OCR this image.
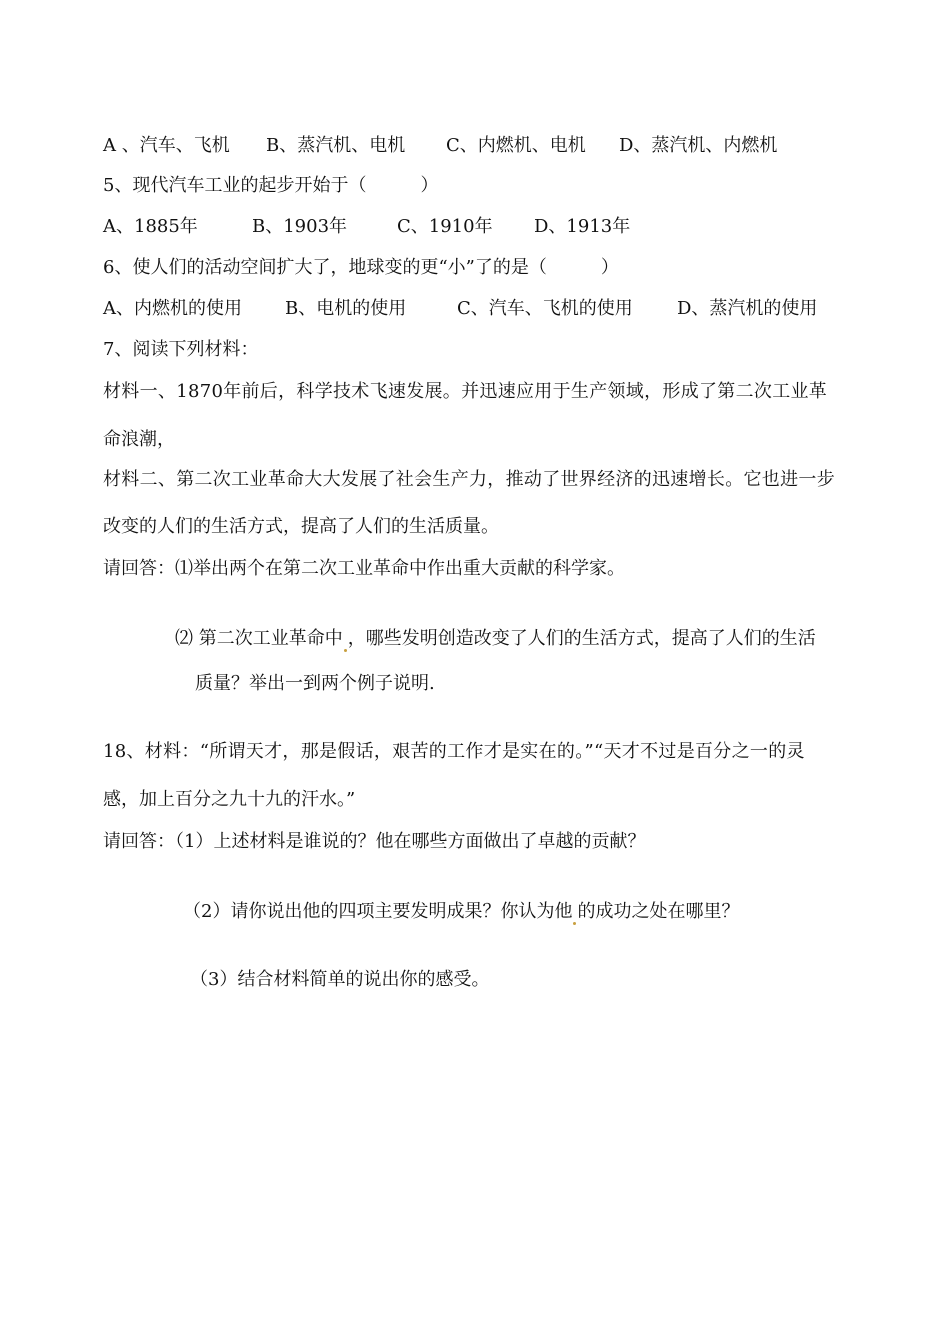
A 、汽车、飞机 B、蒸汽机、电机 C、内燃机、电机 D、蒸汽机、内燃机
5、现代汽车工业的起步开始于（　　　）
A、1885年	B、1903年	C、1910年 D、1913年
6、使人们的活动空间扩大了，地球变的更“小”了的是（　　　）
A、内燃机的使用 B、电机的使用	C、汽车、飞机的使用 D、蒸汽机的使用
7、阅读下列材料：
材料一、1870年前后，科学技术飞速发展。并迅速应用于生产领域，形成了第二次工业革
命浪潮，
材料二、第二次工业革命大大发展了社会生产力，推动了世界经济的迅速增长。它也进一步
改变的人们的生活方式，提高了人们的生活质量。
请回答：⑴举出两个在第二次工业革命中作出重大贡献的科学家。
⑵ 第二次工业革命中 ，哪些发明创造改变了人们的生活方式，提高了人们的生活
质量？举出一到两个例子说明.
18、材料：“所谓天才，那是假话，艰苦的工作才是实在的。”“天才不过是百分之一的灵
感，加上百分之九十九的汗水。”
请回答：（1）上述材料是谁说的？他在哪些方面做出了卓越的贡献？
（2）请你说出他的四项主要发明成果？你认为他 的成功之处在哪里？
（3）结合材料简单的说出你的感受。
